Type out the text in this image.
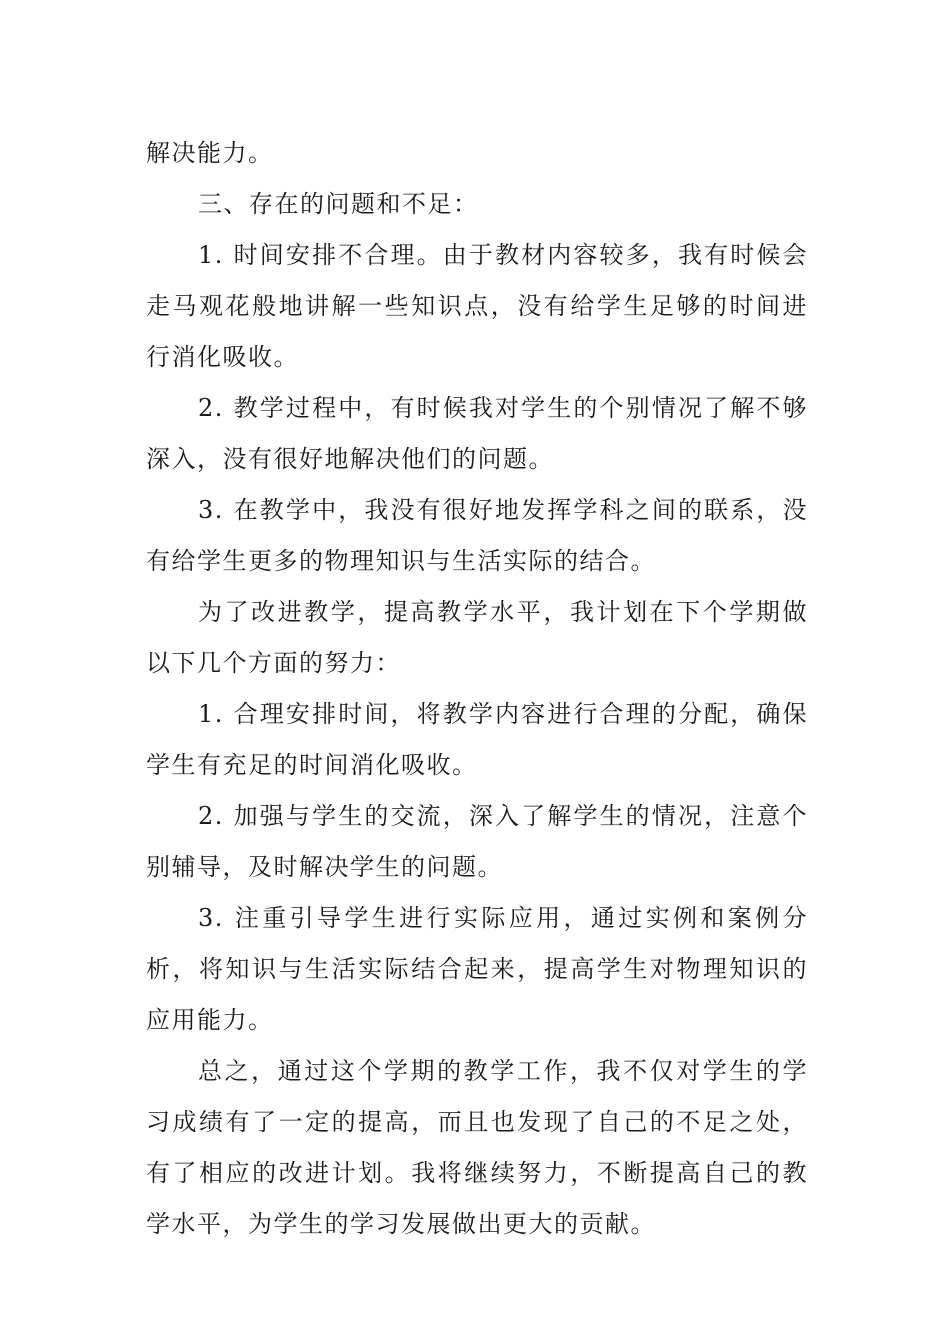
解决能力。

三、存在的问题和不足：

1. 时间安排不合理。由于教材内容较多，我有时候会走马观花般地讲解一些知识点，没有给学生足够的时间进行消化吸收。

2. 教学过程中，有时候我对学生的个别情况了解不够深入，没有很好地解决他们的问题。

3. 在教学中，我没有很好地发挥学科之间的联系，没有给学生更多的物理知识与生活实际的结合。

为了改进教学，提高教学水平，我计划在下个学期做以下几个方面的努力：

1. 合理安排时间，将教学内容进行合理的分配，确保学生有充足的时间消化吸收。

2. 加强与学生的交流，深入了解学生的情况，注意个别辅导，及时解决学生的问题。

3. 注重引导学生进行实际应用，通过实例和案例分析，将知识与生活实际结合起来，提高学生对物理知识的应用能力。

总之，通过这个学期的教学工作，我不仅对学生的学习成绩有了一定的提高，而且也发现了自己的不足之处，有了相应的改进计划。我将继续努力，不断提高自己的教学水平，为学生的学习发展做出更大的贡献。
